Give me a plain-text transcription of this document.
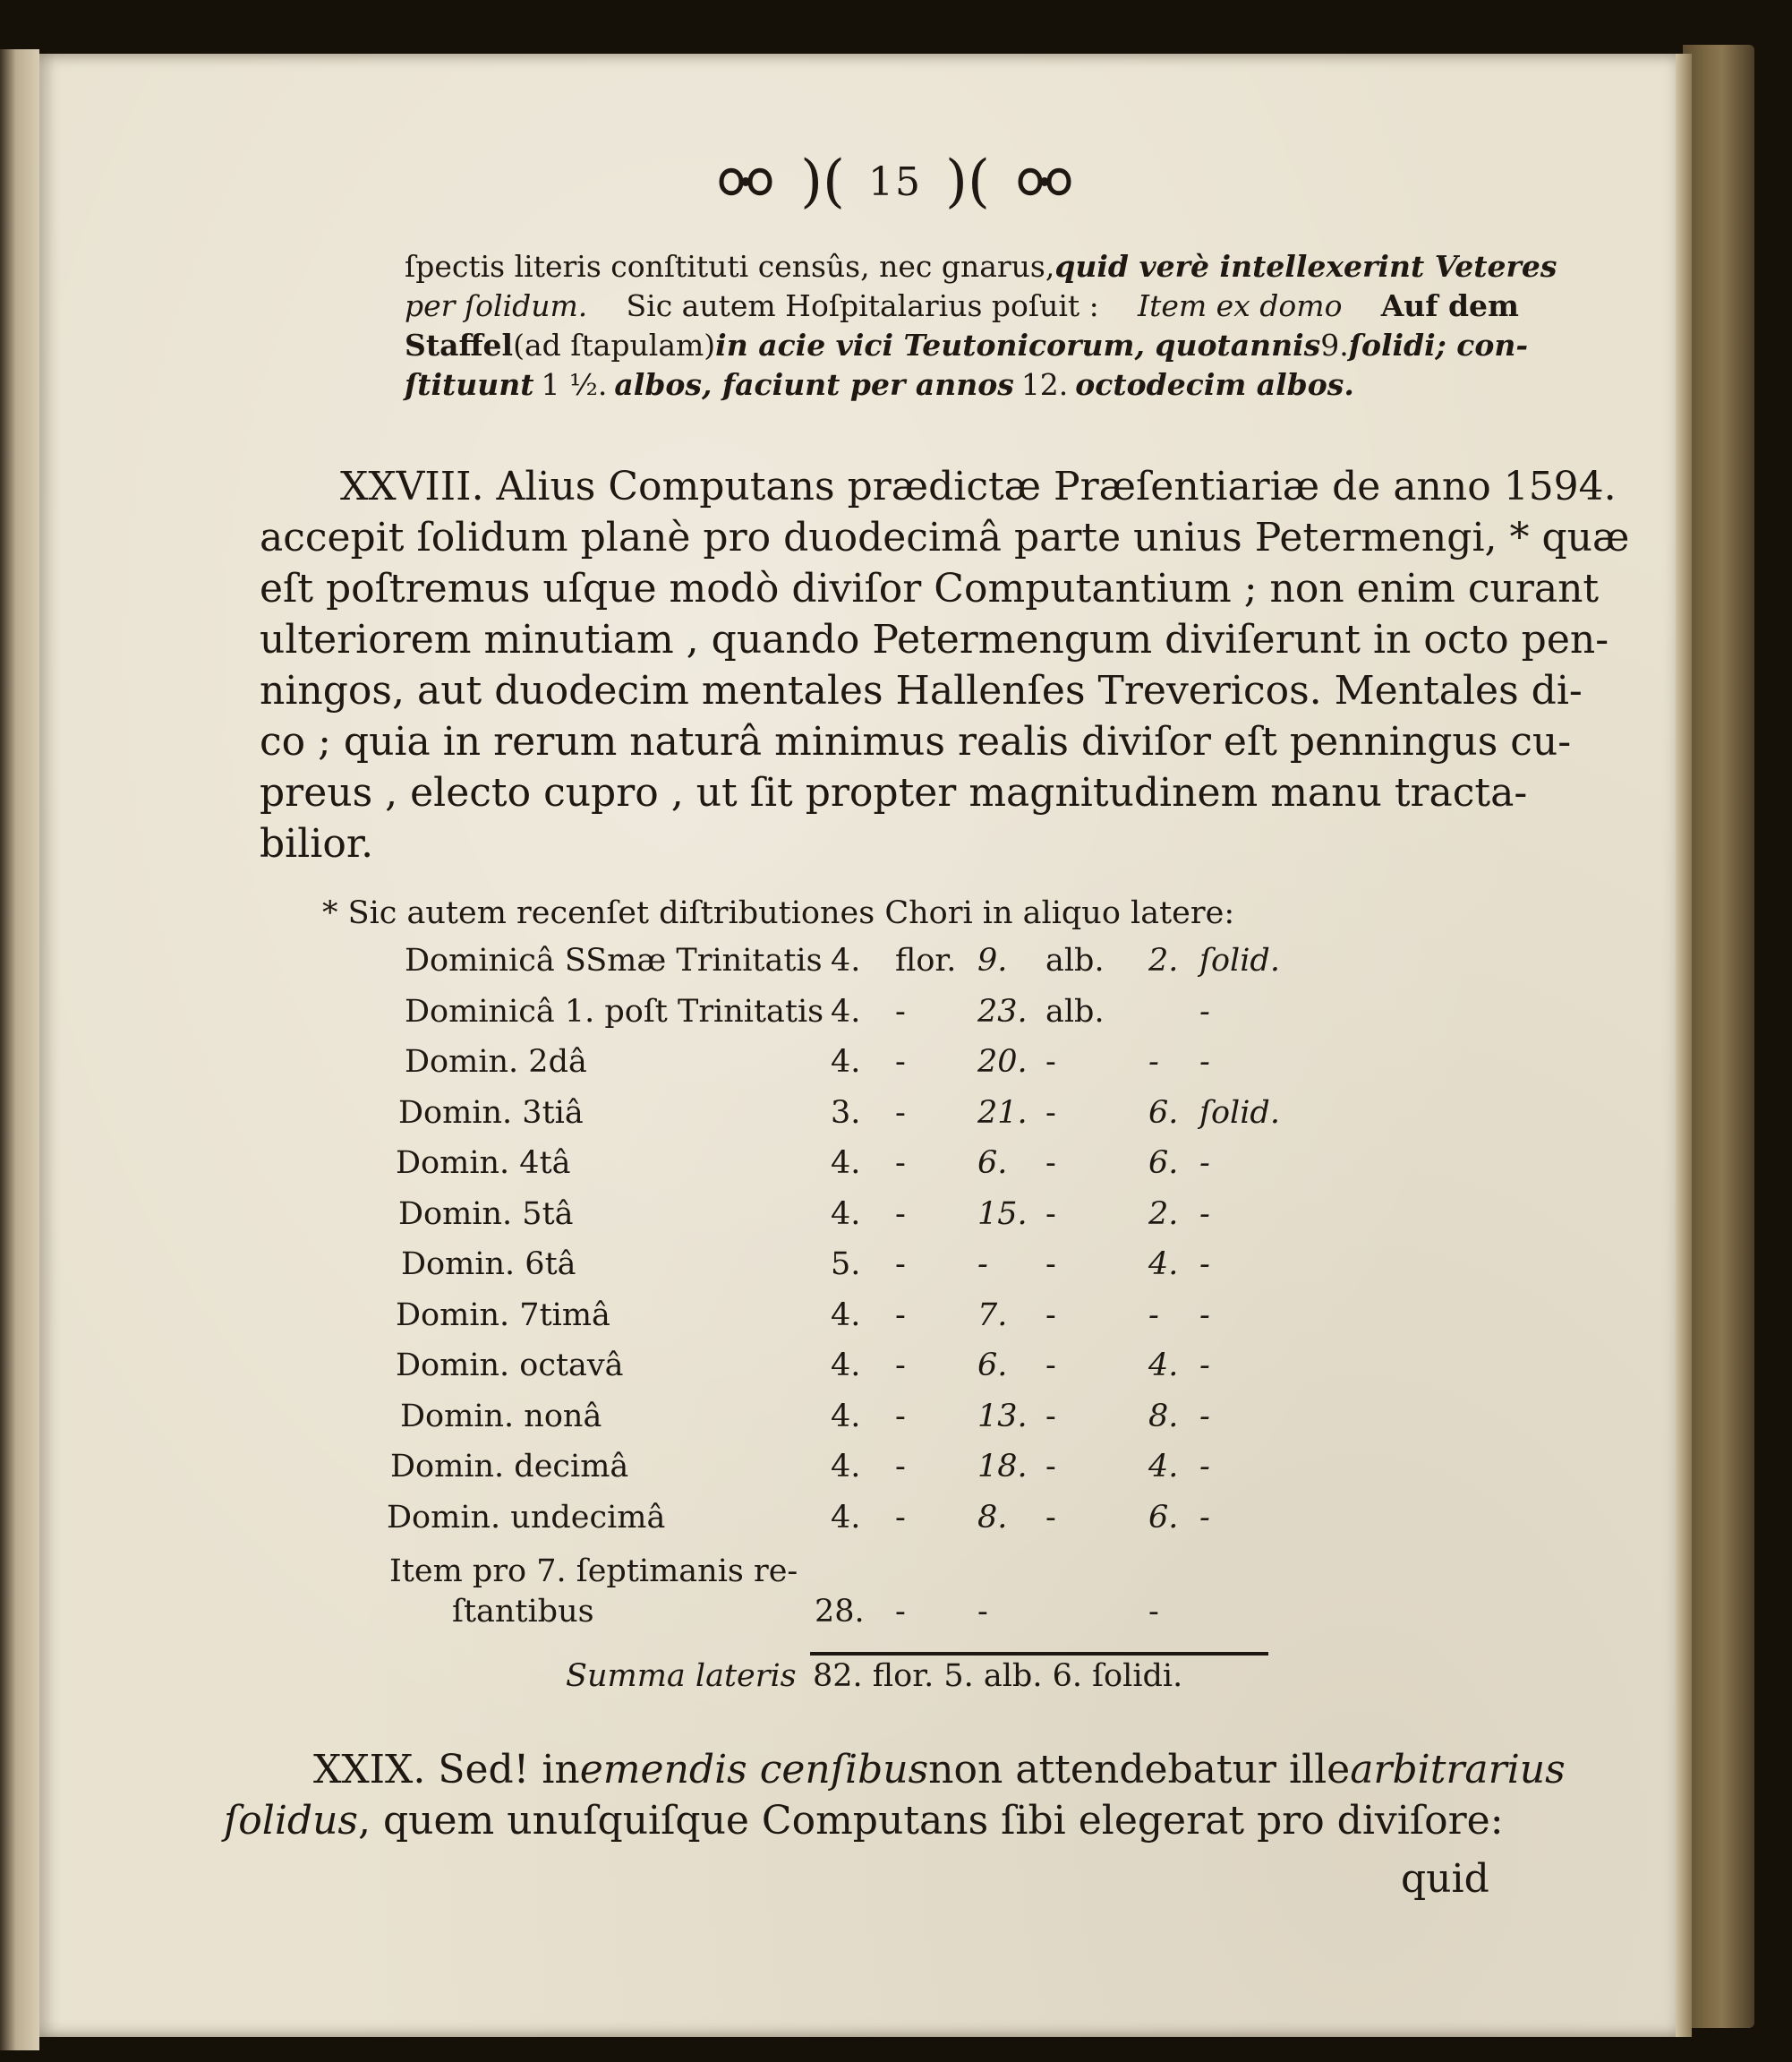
)( 15 )(
ſpectis literis conſtituti censûs, nec gnarus, quid verè intellexerint Veteres
per ſolidum. Sic autem Hoſpitalarius poſuit : Item ex domo Auf dem
Staffel (ad ſtapulam) in acie vici Teutonicorum, quotannis 9. ſolidi; con-
ſtituunt 1 ½. albos, faciunt per annos 12. octodecim albos.
XXVIII. Alius Computans prædictæ Præſentiariæ de anno 1594.
accepit ſolidum planè pro duodecimâ parte unius Petermengi, * quæ
eſt poſtremus uſque modò diviſor Computantium ; non enim curant
ulteriorem minutiam , quando Petermengum diviſerunt in octo pen-
ningos, aut duodecim mentales Hallenſes Trevericos. Mentales di-
co ; quia in rerum naturâ minimus realis diviſor eſt penningus cu-
preus , electo cupro , ut ſit propter magnitudinem manu tracta-
bilior.
* Sic autem recenſet diſtributiones Chori in aliquo latere:
Dominicâ SSmæ Trinitatis 4. flor. 9. alb. 2. ſolid.
Dominicâ 1. poſt Trinitatis 4. - 23. alb.	-
Domin. 2dâ	4. - 20. -	- -
Domin. 3tiâ	3. - 21. -	6. ſolid.
Domin. 4tâ	4. - 6. -	6. -
Domin. 5tâ	4. - 15. -	2. -
Domin. 6tâ	5. - - -	4. -
Domin. 7timâ	4. - 7. -	- -
Domin. octavâ	4. - 6. -	4. -
Domin. nonâ	4. - 13. -	8. -
Domin. decimâ	4. - 18. -	4. -
Domin. undecimâ	4. - 8. -	6. -
Item pro 7. ſeptimanis re-
ſtantibus	28. - -	-
Summa lateris 82. flor. 5. alb. 6. ſolidi.
XXIX. Sed! in emendis cenſibus non attendebatur ille arbitrarius
ſolidus , quem unuſquiſque Computans ſibi elegerat pro diviſore:
quid
